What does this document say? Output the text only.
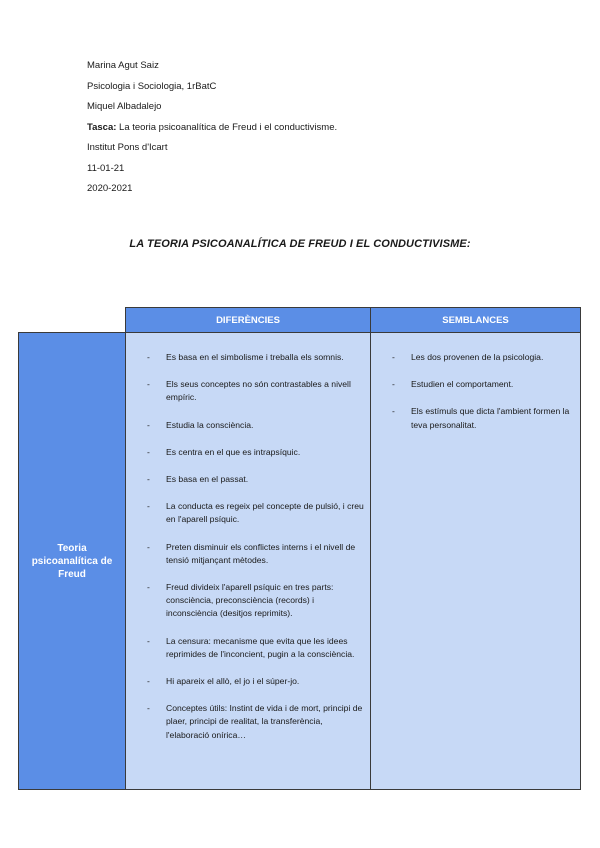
Marina Agut Saiz
Psicologia i Sociologia, 1rBatC
Miquel Albadalejo
Tasca: La teoria psicoanalítica de Freud i el conductivisme.
Institut Pons d'Icart
11-01-21
2020-2021
LA TEORIA PSICOANALÍTICA DE FREUD I EL CONDUCTIVISME:
DIFERÈNCIES	SEMBLANCES
Teoria psicoanalítica de Freud
- Es basa en el simbolisme i treballa els somnis.
- Els seus conceptes no són contrastables a nivell empíric.
- Estudia la consciència.
- Es centra en el que es intrapsíquic.
- Es basa en el passat.
- La conducta es regeix pel concepte de pulsió, i creu en l'aparell psíquic.
- Preten disminuir els conflictes interns i el nivell de tensió mitjançant mètodes.
- Freud divideix l'aparell psíquic en tres parts: consciència, preconsciència (records) i inconsciència (desitjos reprimits).
- La censura: mecanisme que evita que les idees reprimides de l'inconcient, pugin a la consciència.
- Hi apareix el allò, el jo i el súper-jo.
- Conceptes útils: Instint de vida i de mort, principi de plaer, principi de realitat, la transferència, l'elaboració onírica…
- Les dos provenen de la psicologia.
- Estudien el comportament.
- Els estímuls que dicta l'ambient formen la teva personalitat.
